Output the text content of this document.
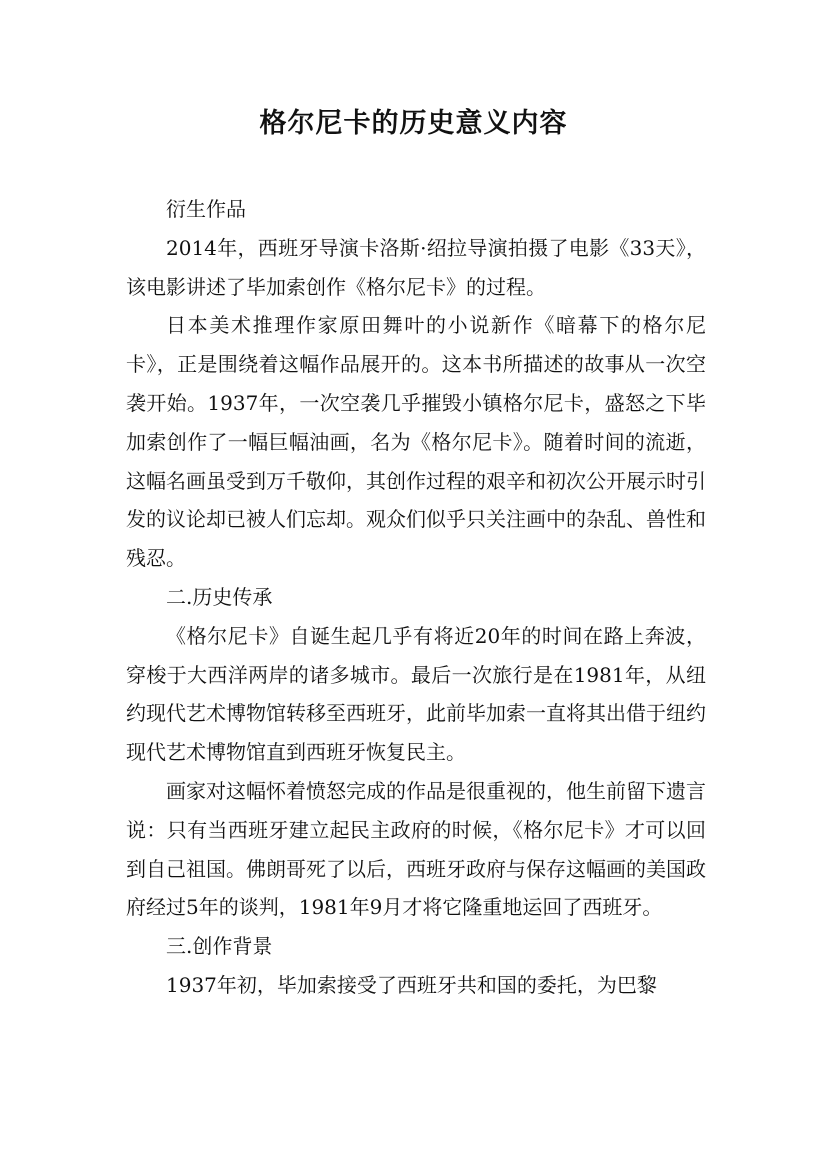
格尔尼卡的历史意义内容

衍生作品

2014年，西班牙导演卡洛斯·绍拉导演拍摄了电影《33天》，该电影讲述了毕加索创作《格尔尼卡》的过程。

日本美术推理作家原田舞叶的小说新作《暗幕下的格尔尼卡》，正是围绕着这幅作品展开的。这本书所描述的故事从一次空袭开始。1937年，一次空袭几乎摧毁小镇格尔尼卡，盛怒之下毕加索创作了一幅巨幅油画，名为《格尔尼卡》。随着时间的流逝，这幅名画虽受到万千敬仰，其创作过程的艰辛和初次公开展示时引发的议论却已被人们忘却。观众们似乎只关注画中的杂乱、兽性和残忍。

二.历史传承

《格尔尼卡》自诞生起几乎有将近20年的时间在路上奔波，穿梭于大西洋两岸的诸多城市。最后一次旅行是在1981年，从纽约现代艺术博物馆转移至西班牙，此前毕加索一直将其出借于纽约现代艺术博物馆直到西班牙恢复民主。

画家对这幅怀着愤怒完成的作品是很重视的，他生前留下遗言说：只有当西班牙建立起民主政府的时候，《格尔尼卡》才可以回到自己祖国。佛朗哥死了以后，西班牙政府与保存这幅画的美国政府经过5年的谈判，1981年9月才将它隆重地运回了西班牙。

三.创作背景

1937年初，毕加索接受了西班牙共和国的委托，为巴黎
